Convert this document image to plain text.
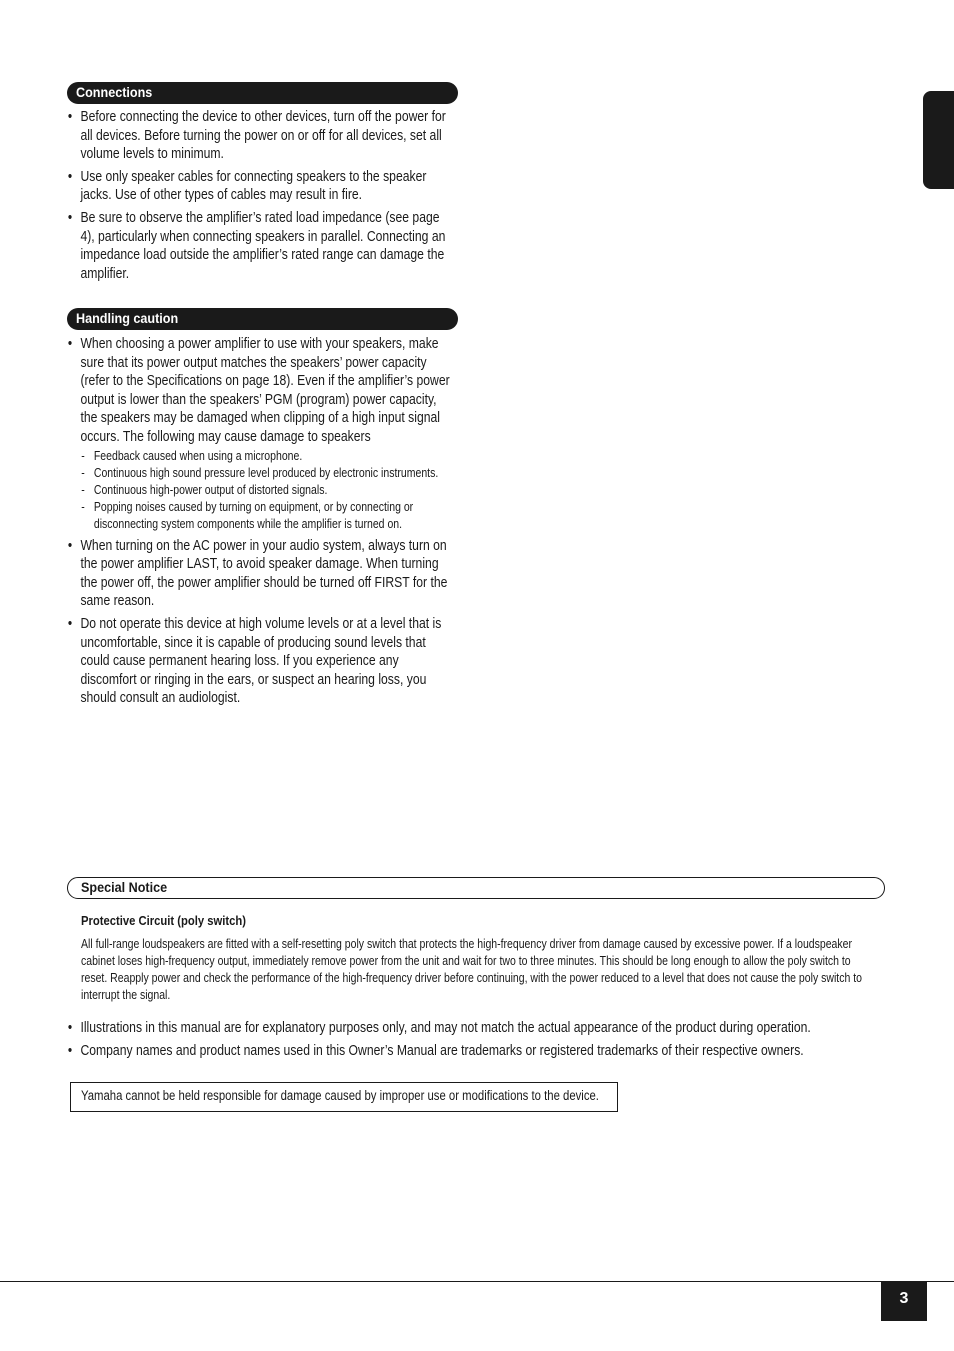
Connections
• Before connecting the device to other devices, turn off the power for all devices. Before turning the power on or off for all devices, set all volume levels to minimum.
• Use only speaker cables for connecting speakers to the speaker jacks. Use of other types of cables may result in fire.
• Be sure to observe the amplifier’s rated load impedance (see page 4), particularly when connecting speakers in parallel. Connecting an impedance load outside the amplifier’s rated range can damage the amplifier.
Handling caution
• When choosing a power amplifier to use with your speakers, make sure that its power output matches the speakers’ power capacity (refer to the Specifications on page 18). Even if the amplifier’s power output is lower than the speakers’ PGM (program) power capacity, the speakers may be damaged when clipping of a high input signal occurs. The following may cause damage to speakers
- Feedback caused when using a microphone.
- Continuous high sound pressure level produced by electronic instruments.
- Continuous high-power output of distorted signals.
- Popping noises caused by turning on equipment, or by connecting or disconnecting system components while the amplifier is turned on.
• When turning on the AC power in your audio system, always turn on the power amplifier LAST, to avoid speaker damage. When turning the power off, the power amplifier should be turned off FIRST for the same reason.
• Do not operate this device at high volume levels or at a level that is uncomfortable, since it is capable of producing sound levels that could cause permanent hearing loss. If you experience any discomfort or ringing in the ears, or suspect an hearing loss, you should consult an audiologist.
Special Notice
Protective Circuit (poly switch)
All full-range loudspeakers are fitted with a self-resetting poly switch that protects the high-frequency driver from damage caused by excessive power. If a loudspeaker cabinet loses high-frequency output, immediately remove power from the unit and wait for two to three minutes. This should be long enough to allow the poly switch to reset. Reapply power and check the performance of the high-frequency driver before continuing, with the power reduced to a level that does not cause the poly switch to interrupt the signal.
• Illustrations in this manual are for explanatory purposes only, and may not match the actual appearance of the product during operation.
• Company names and product names used in this Owner’s Manual are trademarks or registered trademarks of their respective owners.
Yamaha cannot be held responsible for damage caused by improper use or modifications to the device.
3
